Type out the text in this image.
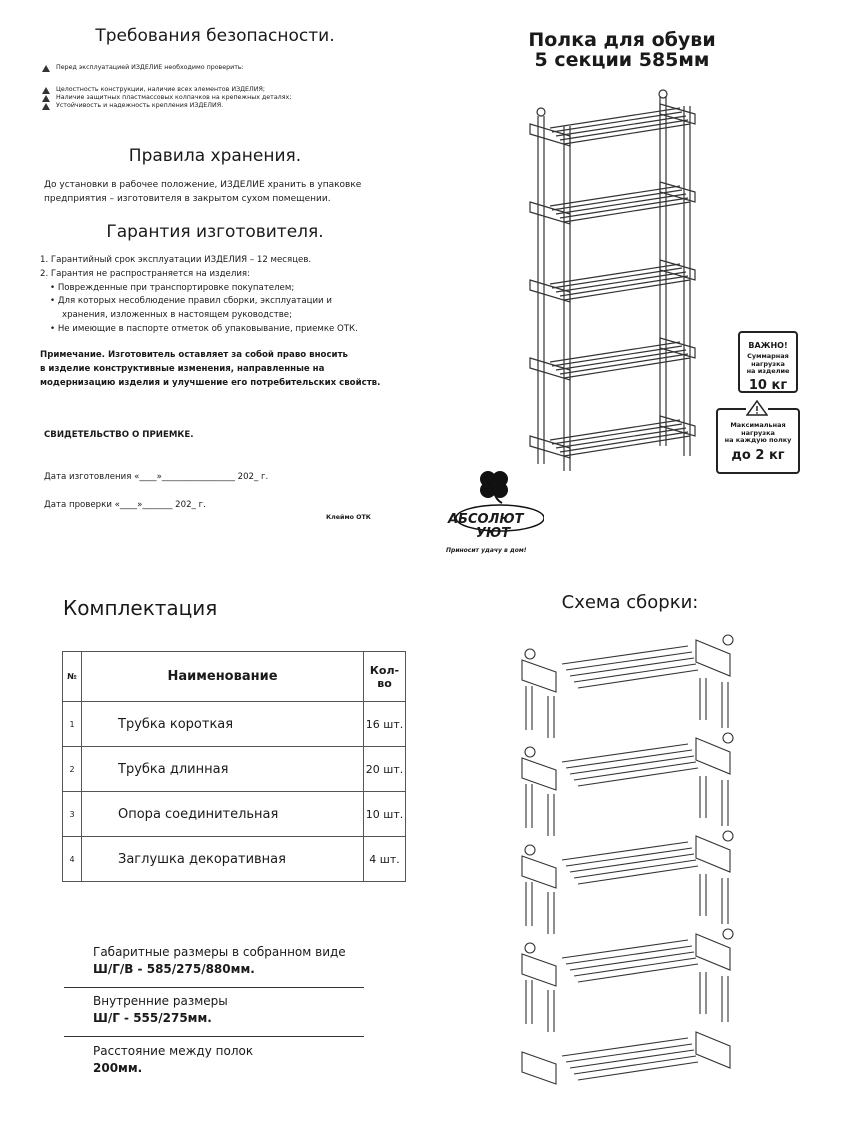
Требования безопасности.
Перед эксплуатацией ИЗДЕЛИЕ необходимо проверить:
Целостность конструкции, наличие всех элементов ИЗДЕЛИЯ;
Наличие защитных пластмассовых колпачков на крепежных деталях;
Устойчивость и надежность крепления ИЗДЕЛИЯ.
Правила хранения.
До установки в рабочее положение, ИЗДЕЛИЕ хранить в упаковке
предприятия – изготовителя в закрытом сухом помещении.
Гарантия изготовителя.
1. Гарантийный срок эксплуатации ИЗДЕЛИЯ – 12 месяцев.
2. Гарантия не распространяется на изделия:
• Поврежденные при транспортировке покупателем;
• Для которых несоблюдение правил сборки, эксплуатации и
хранения, изложенных в настоящем руководстве;
• Не имеющие в паспорте отметок об упаковывание, приемке ОТК.
Примечание. Изготовитель оставляет за собой право вносить
в изделие конструктивные изменения, направленные на
модернизацию изделия и улучшение его потребительских свойств.
СВИДЕТЕЛЬСТВО О ПРИЕМКЕ.
Дата изготовления «____»_________________ 202_ г.
Дата проверки «____»_______ 202_ г.
Клеймо ОТК
Полка для обуви
5 секции 585мм
ВАЖНО!
Суммарная
нагрузка
на изделие
10 кг
Максимальная
нагрузка
на каждую полку
до 2 кг
АБСОЛЮТ
УЮТ
Приносит удачу в дом!
Комплектация
№	Наименование	Кол-во
1	Трубка короткая	16 шт.
2	Трубка длинная	20 шт.
3	Опора соединительная	10 шт.
4	Заглушка декоративная	4 шт.
Габаритные размеры в собранном виде
Ш/Г/В - 585/275/880мм.
Внутренние размеры
Ш/Г - 555/275мм.
Расстояние между полок
200мм.
Схема сборки:
